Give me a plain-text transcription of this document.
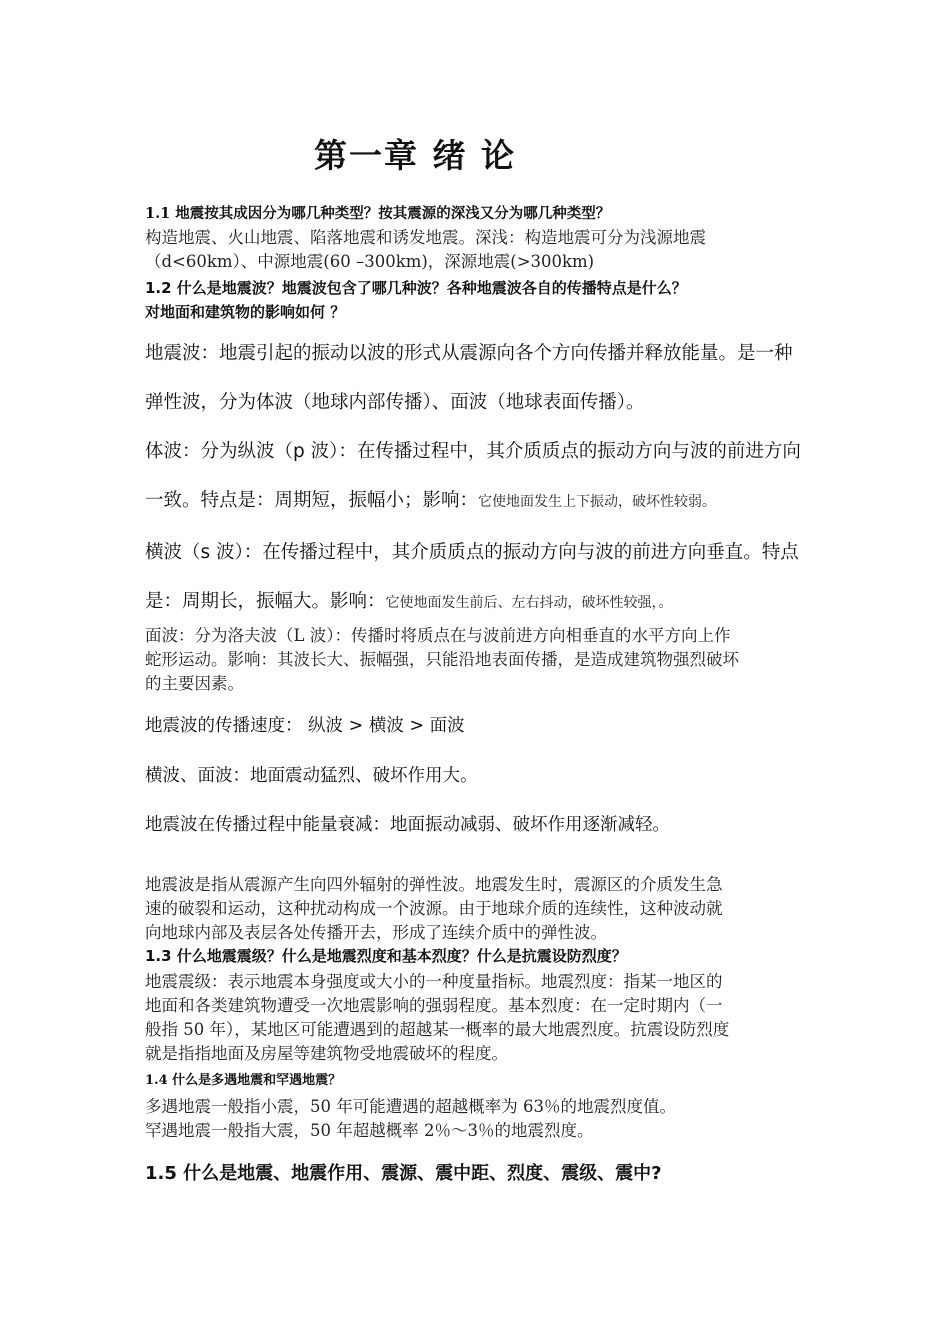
第一章 绪 论

1.1 地震按其成因分为哪几种类型？按其震源的深浅又分为哪几种类型？

构造地震、火山地震、陷落地震和诱发地震。深浅：构造地震可分为浅源地震

（d<60km）、中源地震(60 –300km)，深源地震(>300km)

1.2 什么是地震波？地震波包含了哪几种波？各种地震波各自的传播特点是什么？

对地面和建筑物的影响如何 ？

地震波：地震引起的振动以波的形式从震源向各个方向传播并释放能量。是一种

弹性波，分为体波（地球内部传播）、面波（地球表面传播）。

体波：分为纵波（p 波）：在传播过程中，其介质质点的振动方向与波的前进方向

一致。特点是：周期短，振幅小；影响：它使地面发生上下振动，破坏性较弱。

横波（s 波）：在传播过程中，其介质质点的振动方向与波的前进方向垂直。特点

是：周期长，振幅大。影响：它使地面发生前后、左右抖动，破坏性较强，。

面波：分为洛夫波（L 波）：传播时将质点在与波前进方向相垂直的水平方向上作

蛇形运动。影响：其波长大、振幅强，只能沿地表面传播，是造成建筑物强烈破坏

的主要因素。

地震波的传播速度： 纵波 > 横波 > 面波

横波、面波：地面震动猛烈、破坏作用大。

地震波在传播过程中能量衰减：地面振动减弱、破坏作用逐渐减轻。

地震波是指从震源产生向四外辐射的弹性波。地震发生时，震源区的介质发生急

速的破裂和运动，这种扰动构成一个波源。由于地球介质的连续性，这种波动就

向地球内部及表层各处传播开去，形成了连续介质中的弹性波。

1.3 什么地震震级？什么是地震烈度和基本烈度？什么是抗震设防烈度？

地震震级：表示地震本身强度或大小的一种度量指标。地震烈度：指某一地区的

地面和各类建筑物遭受一次地震影响的强弱程度。基本烈度：在一定时期内（一

般指 50 年），某地区可能遭遇到的超越某一概率的最大地震烈度。抗震设防烈度

就是指指地面及房屋等建筑物受地震破坏的程度。

1.4 什么是多遇地震和罕遇地震？

多遇地震一般指小震，50 年可能遭遇的超越概率为 63％的地震烈度值。

罕遇地震一般指大震，50 年超越概率 2％～3％的地震烈度。

1.5 什么是地震、地震作用、震源、震中距、烈度、震级、震中?
